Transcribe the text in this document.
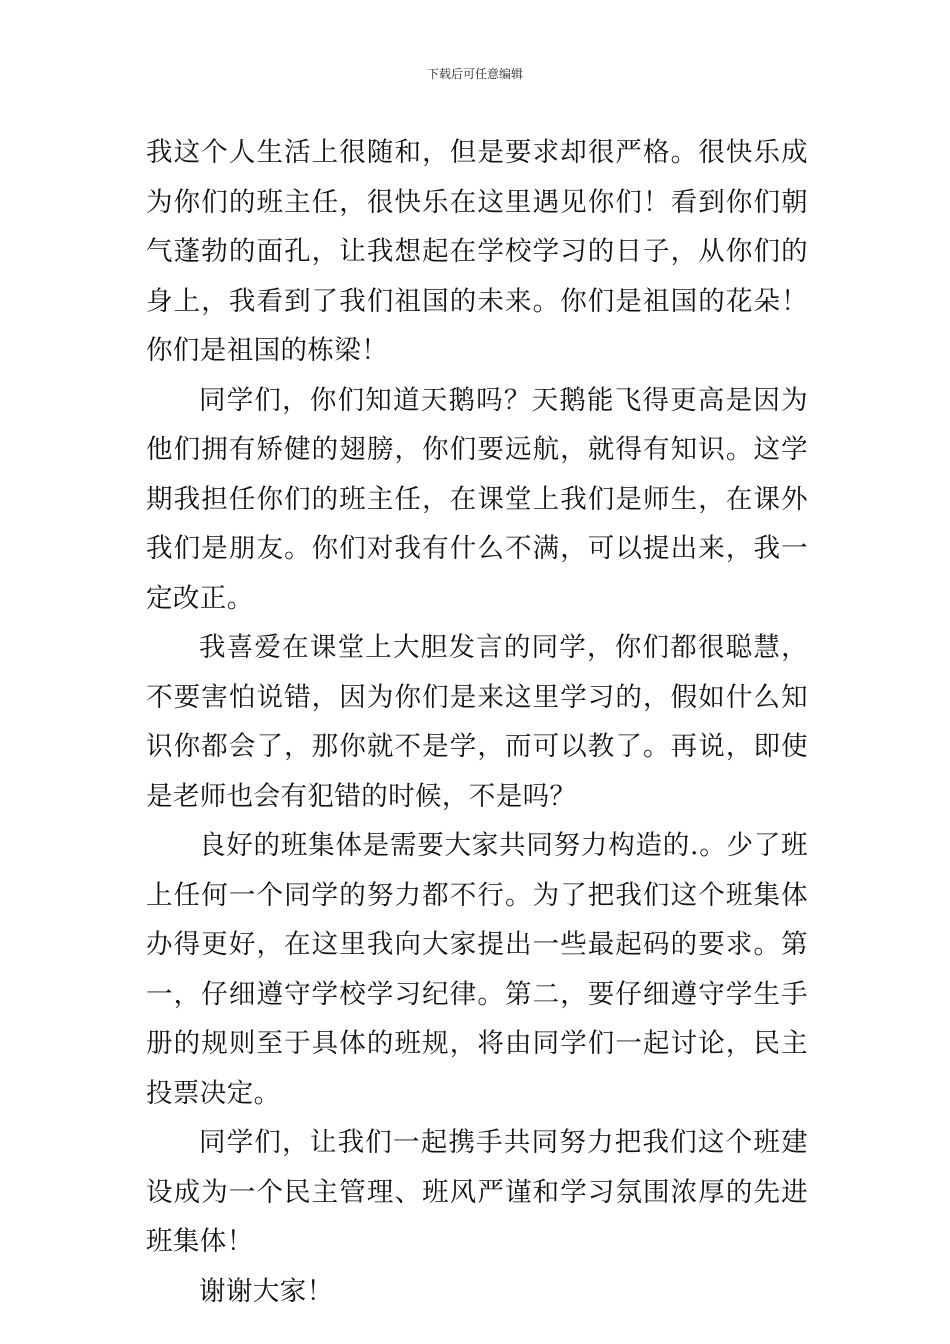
下载后可任意编辑

我这个人生活上很随和，但是要求却很严格。很快乐成为你们的班主任，很快乐在这里遇见你们！看到你们朝气蓬勃的面孔，让我想起在学校学习的日子，从你们的身上，我看到了我们祖国的未来。你们是祖国的花朵！你们是祖国的栋梁！

同学们，你们知道天鹅吗？天鹅能飞得更高是因为他们拥有矫健的翅膀，你们要远航，就得有知识。这学期我担任你们的班主任，在课堂上我们是师生，在课外我们是朋友。你们对我有什么不满，可以提出来，我一定改正。

我喜爱在课堂上大胆发言的同学，你们都很聪慧，不要害怕说错，因为你们是来这里学习的，假如什么知识你都会了，那你就不是学，而可以教了。再说，即使是老师也会有犯错的时候，不是吗？

良好的班集体是需要大家共同努力构造的.。少了班上任何一个同学的努力都不行。为了把我们这个班集体办得更好，在这里我向大家提出一些最起码的要求。第一，仔细遵守学校学习纪律。第二，要仔细遵守学生手册的规则至于具体的班规，将由同学们一起讨论，民主投票决定。

同学们，让我们一起携手共同努力把我们这个班建设成为一个民主管理、班风严谨和学习氛围浓厚的先进班集体！

谢谢大家！
